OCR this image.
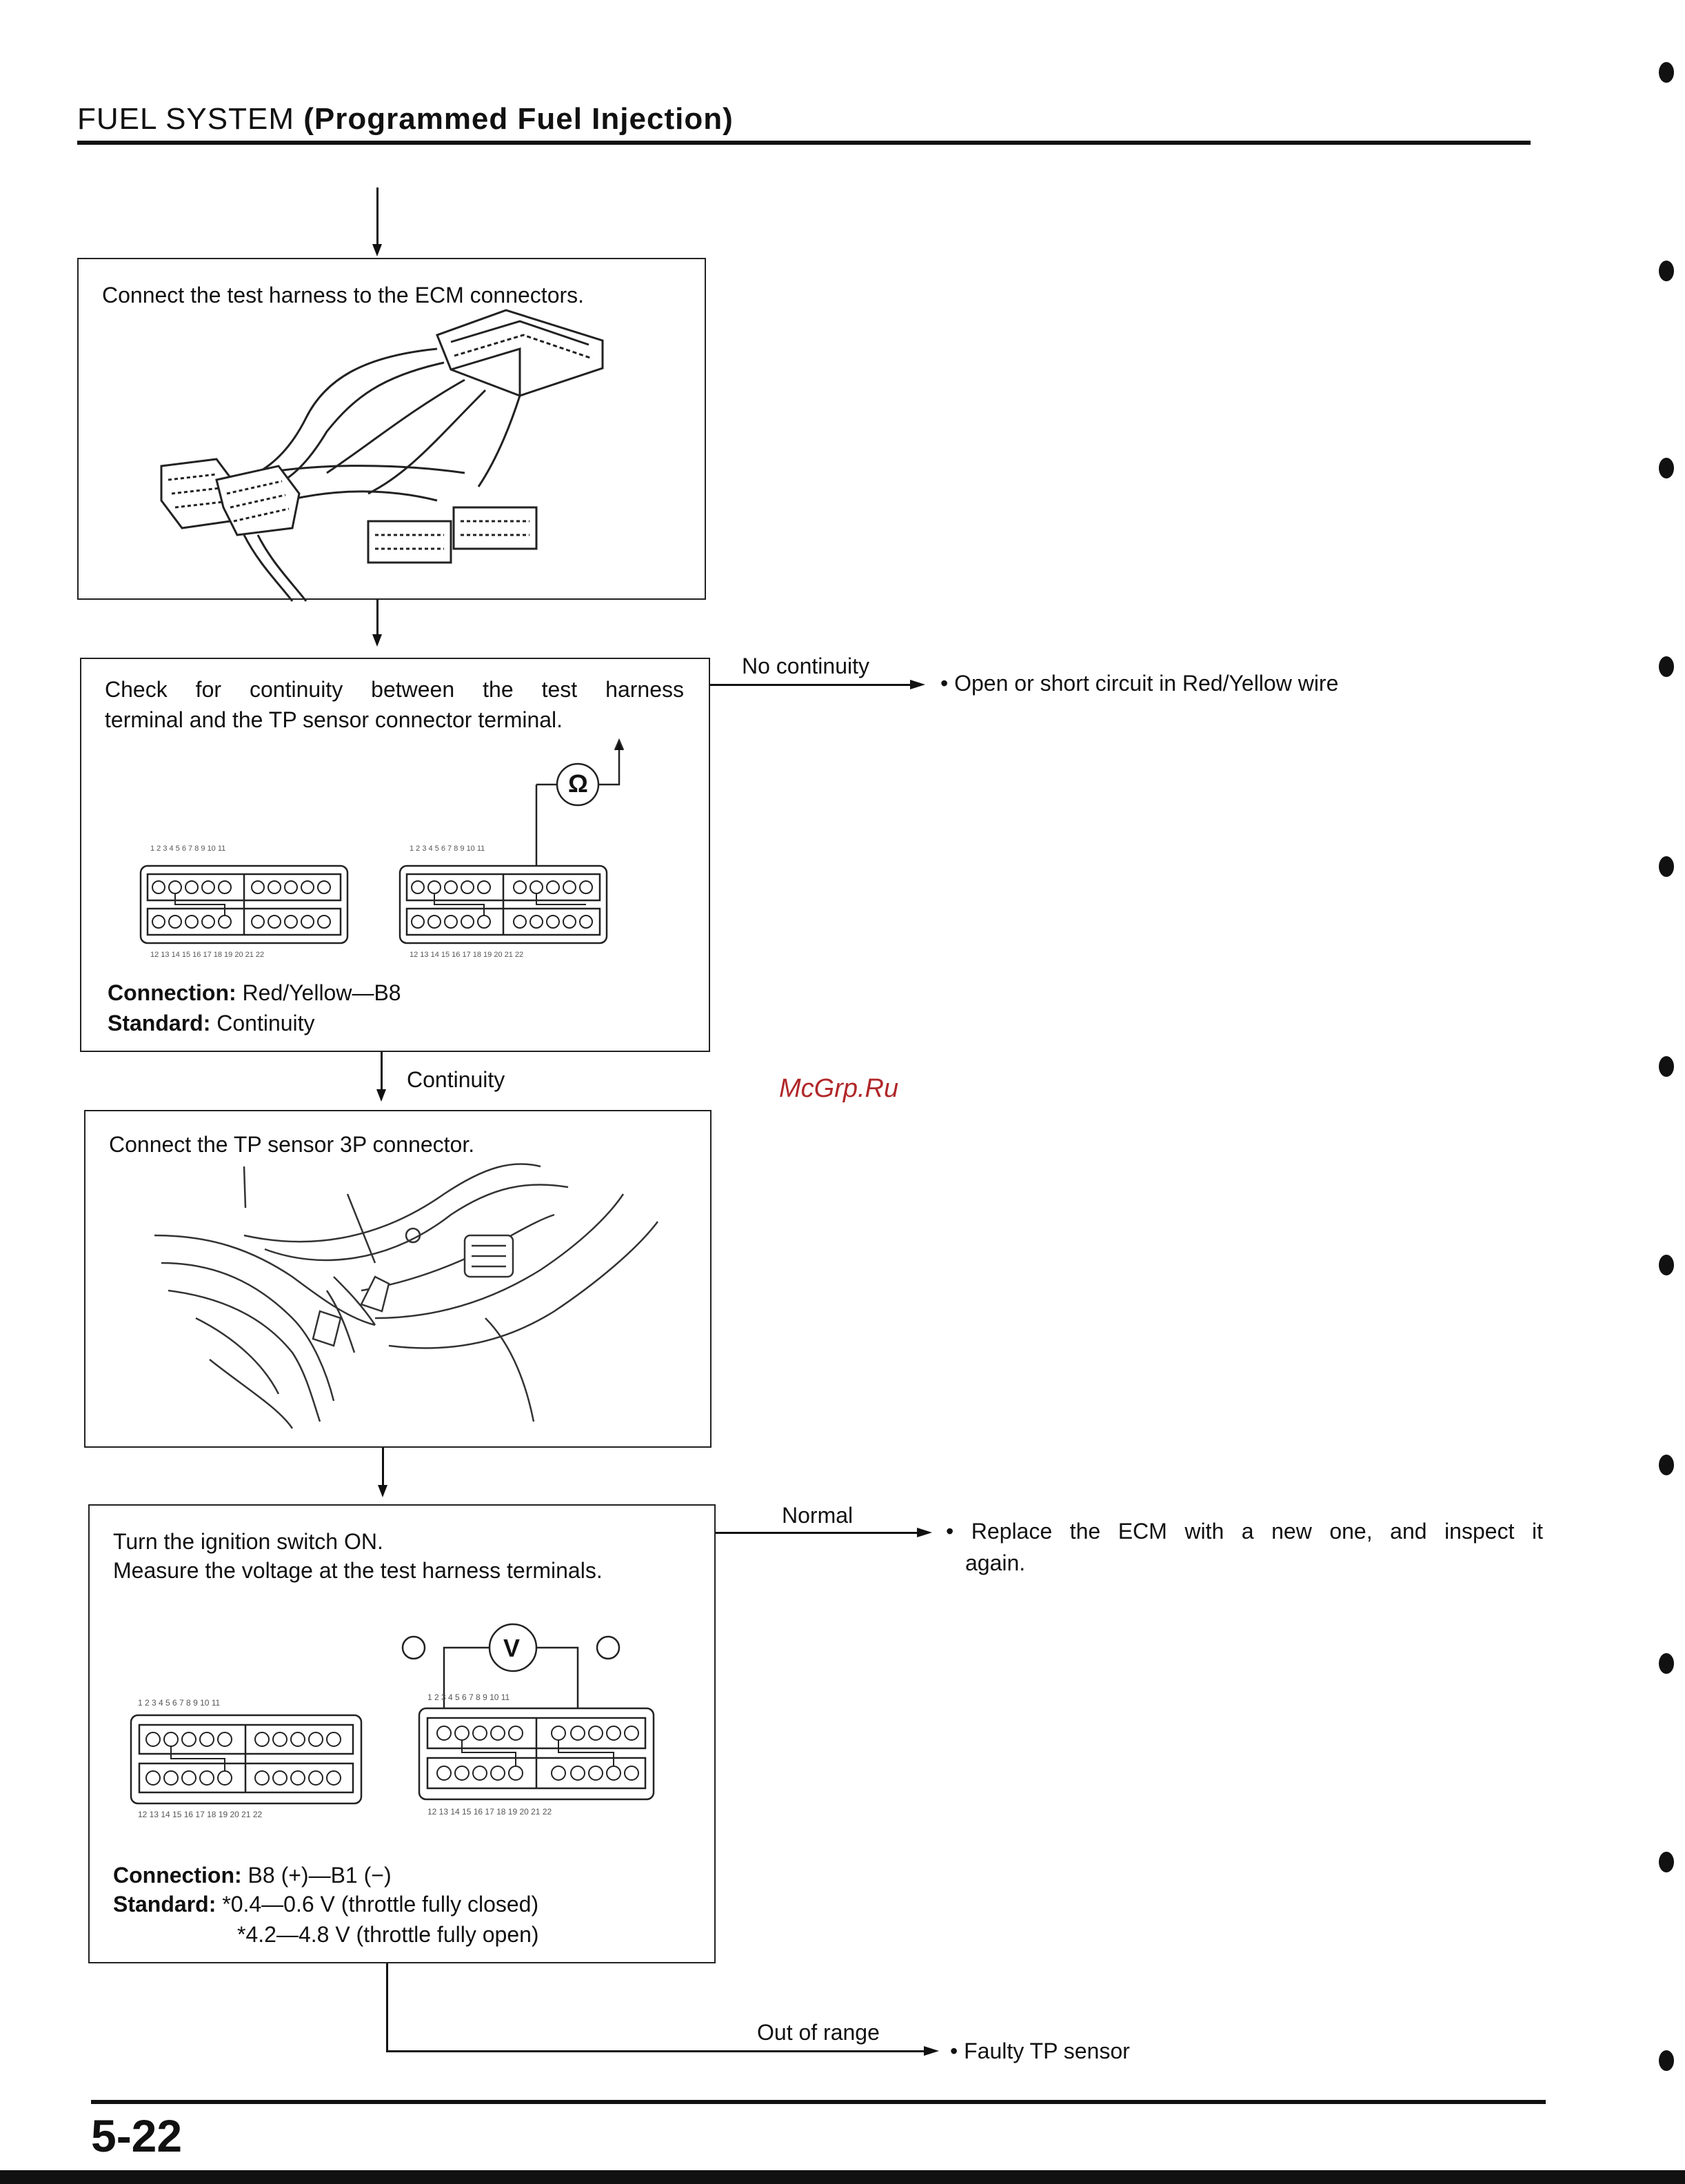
FUEL SYSTEM (Programmed Fuel Injection)
Connect the test harness to the ECM connectors.
Check for continuity between the test harness
terminal and the TP sensor connector terminal.
1 2 3 4 5 6 7 8 9 10 11
12 13 14 15 16 17 18 19 20 21 22
1 2 3 4 5 6 7 8 9 10 11
12 13 14 15 16 17 18 19 20 21 22
Ω
Connection: Red/Yellow—B8
Standard: Continuity
No continuity
• Open or short circuit in Red/Yellow wire
Continuity	McGrp.Ru
Connect the TP sensor 3P connector.
Turn the ignition switch ON.
Measure the voltage at the test harness terminals.
1 2 3 4 5 6 7 8 9 10 11
12 13 14 15 16 17 18 19 20 21 22
1 2 3 4 5 6 7 8 9 10 11
12 13 14 15 16 17 18 19 20 21 22
V
Connection: B8 (+)—B1 (−)
Standard: *0.4—0.6 V (throttle fully closed)
*4.2—4.8 V (throttle fully open)
Normal
• Replace the ECM with a new one, and inspect it
again.
Out of range
• Faulty TP sensor
5-22
